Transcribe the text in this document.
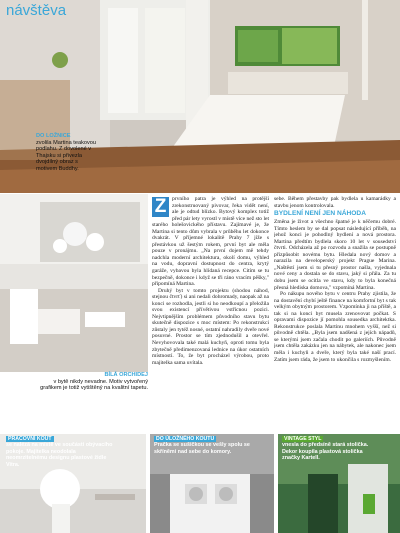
návštěva
DO LOŽNICE
zvolila Martina teakovou podlahu. Z dovolené v Thajsku si přivezla dvojdílný obraz s motivem Buddhy.
BÍLÁ ORCHIDEJ
v bytě nikdy nevadne. Motiv vytvořený grafikem je totiž vytištěný na kvalitní tapetu.
Z	prvního patra je výhled na protější zrekonstruovaný pivovar, řeka vidět není, ale je odtud blízko. Bytový komplex totiž před pár lety vyrostl v místě více než sto let starého holešovického přístavu. Zajímavé je, že Martina si tento dům vybrala v průběhu let dokonce dvakrát. V příjemné lokalitě Prahy 7 jíže s přestávkou už šestým rokem, první byt ale měla pouze v pronájmu. „Na první dojem mě tehdy nadchla moderní architektura, okolí domu, výhled na vodu, dopravní dostupnost do centra, krytý garáže, vybavou byla hlídaná recepce. Citím se tu bezpečně, dokonce i když se tři ráno vracím pěšky," připomíná Martina.

Druhý byt v tomto projektu (shodou náhod, stejnou čtvrť) si ani nedali dohromady, naopak až na konci se rozhodla, jestli si ho neodkoupí a přeložila svou existencí přívětivou vstřícnou pozici. Nejvtipnějším problémem původního stavu bytu skutečně dispozice s moc místem: Po rekonstrukci zůstaly jen tytéž nosné, ostatní nahradily dveře nové posuvné. Prostor se tím zjednodušil a otevřel. Nevyhovovala také malá kuchyň, oproti tomu byla zbytečně předimenzovaná lednice na úkor ostatních místností. To, že byt procházel výrobou, proto majitelka sama uvítala.

sebe. Během přestavby pak bydlela u kamarádky a stavbu jenom kontrolovala.

BYDLENÍ NENÍ JEN NÁHODA

Změna je život a všechno špatné je k něčemu dobré. Tímto heslem by se dal popsat následující příběh, na jehož konci je pohodlný bydlení a nová prostora. Martina předtím bydlela skoro 10 let v sousedství čtvrti. Odcházela až po rozvodu a snažila se postupně přizpůsobit novému bytu. Hledala nový domov a narazila na developerský projekt Prague Marina. „Naštěstí jsem si tu přesný prostor našla, vyjednala nové ceny a dostala se do stavu, jaký si přála. Za tu dobu jsem se ocitla ve stavu, kdy to byla konečná přesná hlediska domova," vzpomíná Martina.

Po nákupu nového bytu v centru Prahy zjistila, že na dostavění chybí ještě finance na komfortní byt s tak velkým obytným prostorem. Vzpomínka ji na příště, a tak si na konci byt musela zrenovovat počkat. S opravami dispozice jí pomohla sousedka architektka. Rekonstrukce poslala Martinu mnohem vyšší, než si původně chtěla. „Byla jsem nadšená z jejích nápadů, se kterými jsem začala chodit po galeriích. Původně jsem chtěla zakázku jen na nábytek, ale nakonec jsem měla i kuchyň a dveře, který byla také naší prací. Zatím jsem ráda, že jsem to ukončila s rozmyšlením.

PRACOVNÍ KOUT
se nalézá na místě ve součásti obývacího pokoje. Majitelka neodolala neomrzitelnému designu plastové židle Vitra.
DO ÚLOŽNÉHO KOUTU
Pračka se sušičkou se vešly spolu se skříněmi nad sebe do komory.
VINTAGE STYL
vnesla do předsíně stará stolička. Dekor koupila plastová stolička značky Kartell.
